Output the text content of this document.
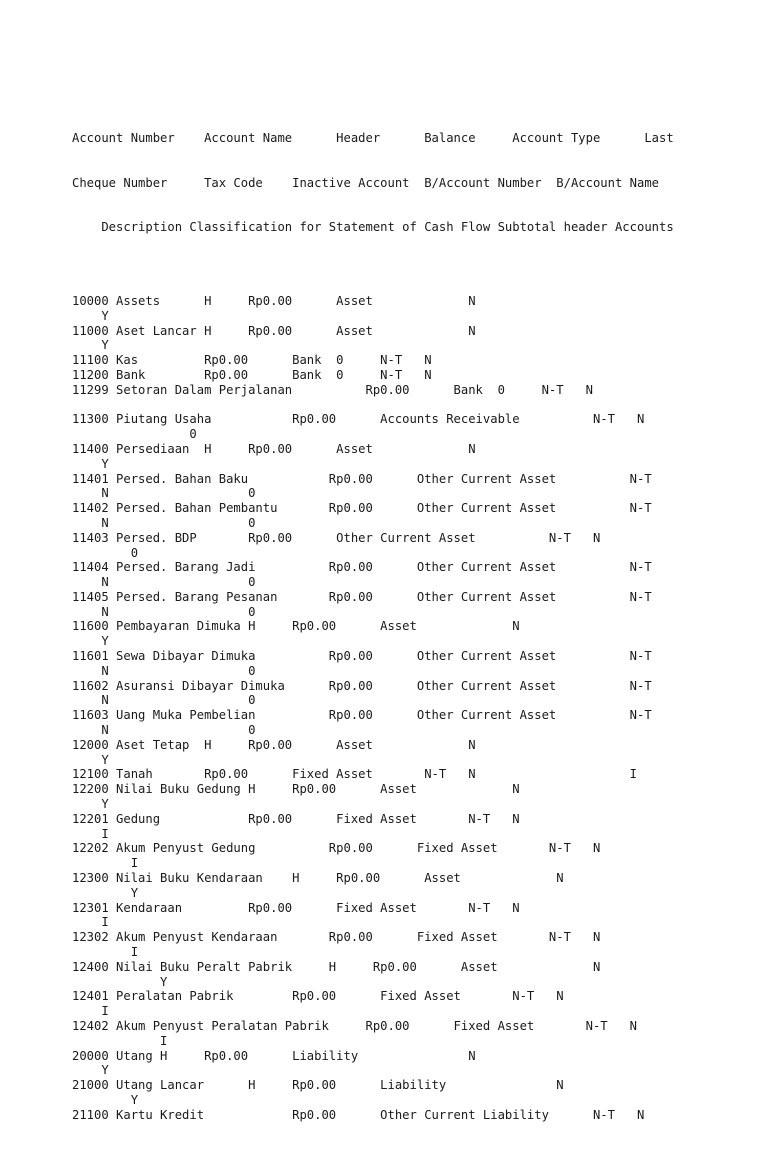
Account Number    Account Name      Header      Balance     Account Type      Last

Cheque Number     Tax Code    Inactive Account  B/Account Number  B/Account Name

Description Classification for Statement of Cash Flow Subtotal header Accounts

10000 Assets      H     Rp0.00      Asset             N
Y
11000 Aset Lancar H     Rp0.00      Asset             N
Y
11100 Kas         Rp0.00      Bank  0     N-T   N
11200 Bank        Rp0.00      Bank  0     N-T   N
11299 Setoran Dalam Perjalanan          Rp0.00      Bank  0     N-T   N
11300 Piutang Usaha           Rp0.00      Accounts Receivable          N-T   N
0
11400 Persediaan  H     Rp0.00      Asset             N
Y
11401 Persed. Bahan Baku           Rp0.00      Other Current Asset          N-T
N                   0
11402 Persed. Bahan Pembantu       Rp0.00      Other Current Asset          N-T
N                   0
11403 Persed. BDP       Rp0.00      Other Current Asset          N-T   N
0
11404 Persed. Barang Jadi          Rp0.00      Other Current Asset          N-T
N                   0
11405 Persed. Barang Pesanan       Rp0.00      Other Current Asset          N-T
N                   0
11600 Pembayaran Dimuka H     Rp0.00      Asset             N
Y
11601 Sewa Dibayar Dimuka          Rp0.00      Other Current Asset          N-T
N                   0
11602 Asuransi Dibayar Dimuka      Rp0.00      Other Current Asset          N-T
N                   0
11603 Uang Muka Pembelian          Rp0.00      Other Current Asset          N-T
N                   0
12000 Aset Tetap  H     Rp0.00      Asset             N
Y
12100 Tanah       Rp0.00      Fixed Asset       N-T   N                     I
12200 Nilai Buku Gedung H     Rp0.00      Asset             N
Y
12201 Gedung            Rp0.00      Fixed Asset       N-T   N
I
12202 Akum Penyust Gedung          Rp0.00      Fixed Asset       N-T   N
I
12300 Nilai Buku Kendaraan    H     Rp0.00      Asset             N
Y
12301 Kendaraan         Rp0.00      Fixed Asset       N-T   N
I
12302 Akum Penyust Kendaraan       Rp0.00      Fixed Asset       N-T   N
I
12400 Nilai Buku Peralt Pabrik     H     Rp0.00      Asset             N
Y
12401 Peralatan Pabrik        Rp0.00      Fixed Asset       N-T   N
I
12402 Akum Penyust Peralatan Pabrik     Rp0.00      Fixed Asset       N-T   N
I
20000 Utang H     Rp0.00      Liability               N
Y
21000 Utang Lancar      H     Rp0.00      Liability               N
Y
21100 Kartu Kredit            Rp0.00      Other Current Liability      N-T   N
